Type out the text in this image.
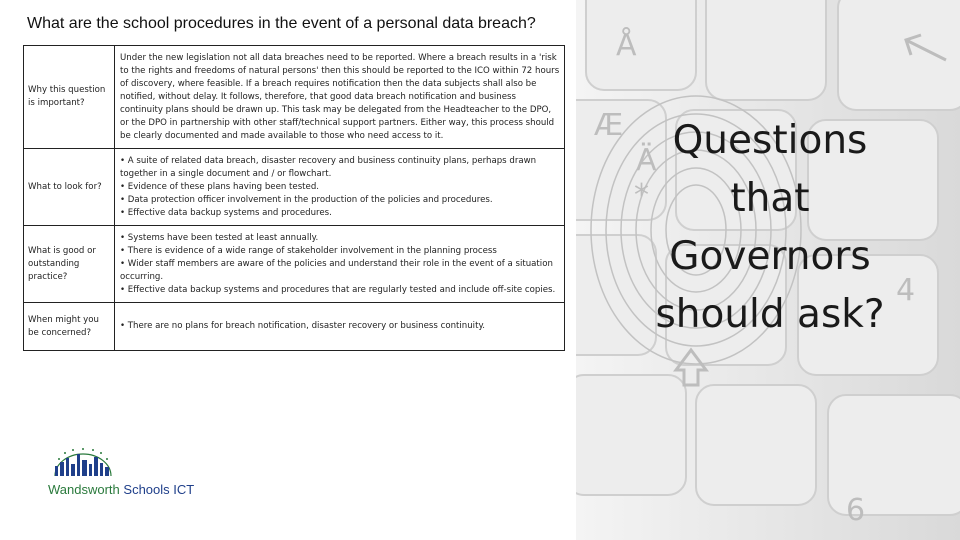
What are the school procedures in the event of a personal data breach?
Why this question is important?	Under the new legislation not all data breaches need to be reported. Where a breach results in a 'risk to the rights and freedoms of natural persons' then this should be reported to the ICO within 72 hours of discovery, where feasible. If a breach requires notification then the data subjects shall also be notified, without delay. It follows, therefore, that good data breach notification and business continuity plans should be drawn up. This task may be delegated from the Headteacher to the DPO, or the DPO in partnership with other staff/technical support partners. Either way, this process should be clearly documented and made available to those who need access to it.

What to look for?	• A suite of related data breach, disaster recovery and business continuity plans, perhaps drawn together in a single document and / or flowchart.
• Evidence of these plans having been tested.
• Data protection officer involvement in the production of the policies and procedures.
• Effective data backup systems and procedures.

What is good or outstanding practice?	• Systems have been tested at least annually.
• There is evidence of a wide range of stakeholder involvement in the planning process
• Wider staff members are aware of the policies and understand their role in the event of a situation occurring.
• Effective data backup systems and procedures that are regularly tested and include off-site copies.

When might you be concerned?	• There are no plans for breach notification, disaster recovery or business continuity.
Å
Æ
Ä
*
4
6
Questions
that
Governors
should ask?
Wandsworth Schools ICT
